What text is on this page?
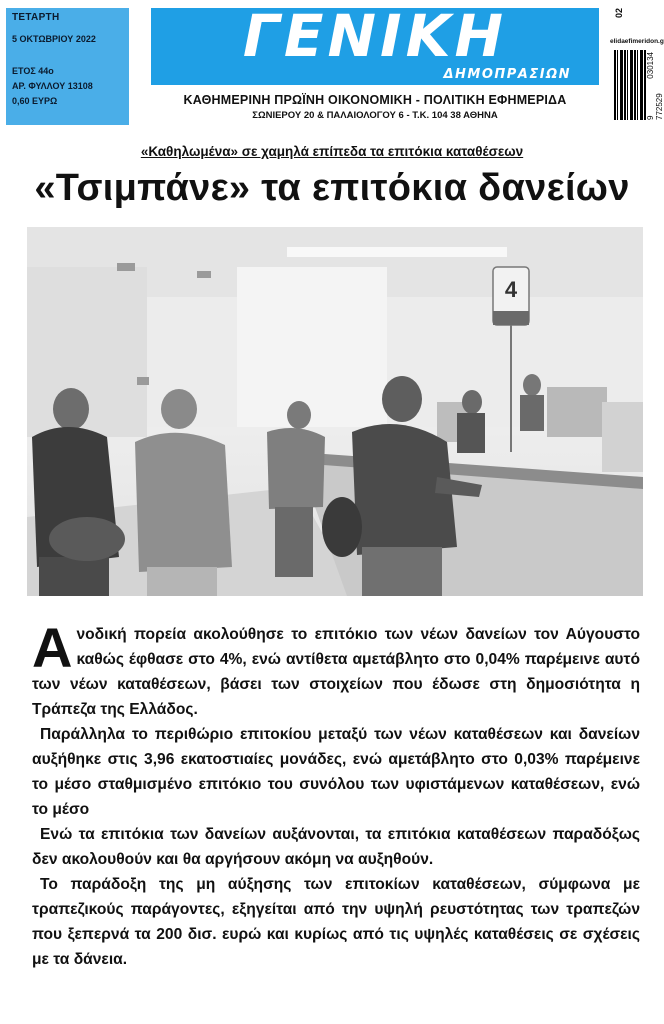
ΤΕΤΑΡΤΗ
5 ΟΚΤΩΒΡΙΟΥ 2022
ΕΤΟΣ 44ο
ΑΡ. ΦΥΛΛΟΥ 13108
0,60 ΕΥΡΩ
ΓΕΝΙΚΗ
ΔΗΜΟΠΡΑΣΙΩΝ
ΚΑΘΗΜΕΡΙΝΗ ΠΡΩΪΝΗ ΟΙΚΟΝΟΜΙΚΗ - ΠΟΛΙΤΙΚΗ ΕΦΗΜΕΡΙΔΑ
ΣΩΝΙΕΡΟΥ 20 & ΠΑΛΑΙΟΛΟΓΟΥ 6 - Τ.Κ. 104 38 ΑΘΗΝΑ
02
elidaefimeridon.g
9 772529
030134
«Καθηλωμένα» σε χαμηλά επίπεδα τα επιτόκια καταθέσεων
«Τσιμπάνε» τα επιτόκια δανείων
4

Ανοδική πορεία ακολούθησε το επιτόκιο των νέων δανείων τον Αύγουστο καθώς έφθασε στο 4%, ενώ αντίθετα αμετάβλητο στο 0,04% παρέμεινε αυτό των νέων καταθέσεων, βάσει των στοιχείων που έδωσε στη δημοσιότητα η Τράπεζα της Ελλάδος.

Παράλληλα το περιθώριο επιτοκίου μεταξύ των νέων καταθέσεων και δανείων αυξήθηκε στις 3,96 εκατοστιαίες μονάδες, ενώ αμετάβλητο στο 0,03% παρέμεινε το μέσο σταθμισμένο επιτόκιο του συνόλου των υφιστάμενων καταθέσεων, ενώ το μέσο

Ενώ τα επιτόκια των δανείων αυξάνονται, τα επιτόκια καταθέσεων παραδόξως δεν ακολουθούν και θα αργήσουν ακόμη να αυξηθούν.

Το παράδοξη της μη αύξησης των επιτοκίων καταθέσεων, σύμφωνα με τραπεζικούς παράγοντες, εξηγείται από την υψηλή ρευστότητας των τραπεζών που ξεπερνά τα 200 δισ. ευρώ και κυρίως από τις υψηλές καταθέσεις σε σχέσεις με τα δάνεια.
